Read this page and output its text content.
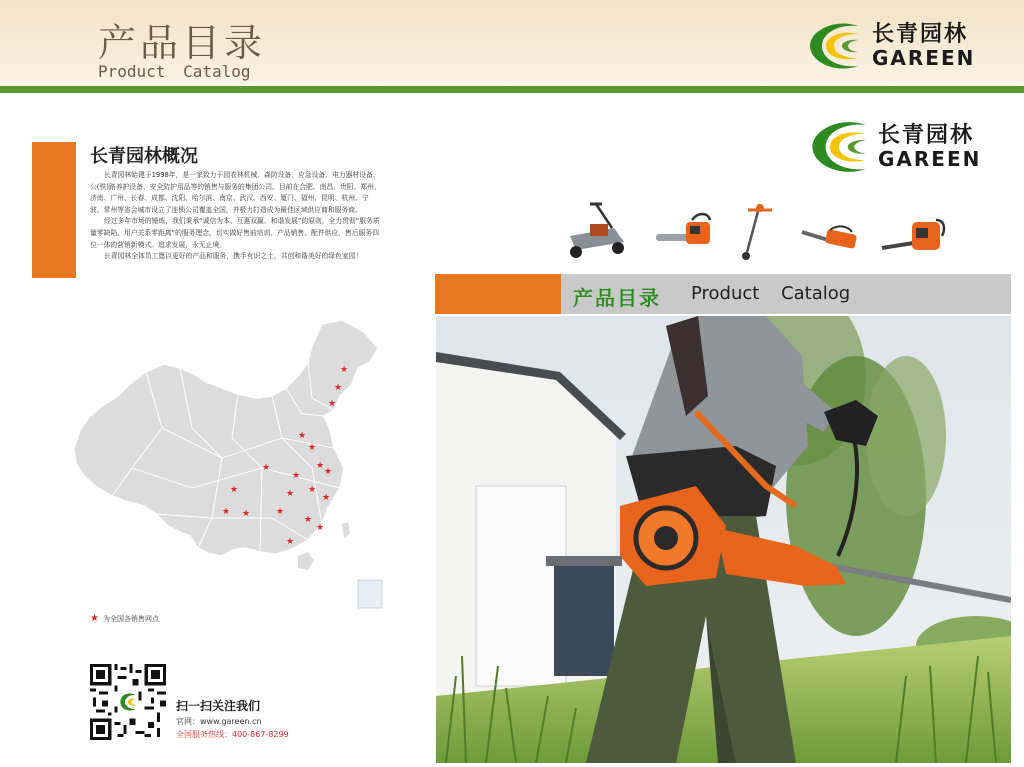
产品目录
Product Catalog
长青园林
GAREEN
长青园林概况

长青园林始建于1998年，是一家致力于园农林机械、森防设备、应急设备、电力器材设备、公(铁)路养护设备、安全防护用品等的销售与服务的集团公司。目前在合肥、南昌、贵阳、郑州、济南、广州、长春、成都、沈阳、哈尔滨、南京、武汉、西安、厦门、福州、昆明、杭州、宁波、常州等省会城市设立了连锁公司覆盖全国，并极力打造成为最佳区域供应商和服务商。

经过多年市场的锤炼，我们秉承“诚信为本、互惠双赢、和谐发展”的原则，全力贯彻“服务质量零缺陷、用户关系零距离”的服务理念，切实做好售前培训、产品销售、配件供应、售后服务四位一体的营销新模式。追求发展，永无止境。

长青园林全体员工愿以更好的产品和服务，携手有识之士，共创和谐美好的绿色家园！

★
★
★
★
★
★
★
★
★
★	★ ★
★
★	★
★
★
★
★
★ 为全国各销售网点
扫一扫关注我们
官网：www.gareen.cn
全国服务热线：400-867-8299
长青园林
GAREEN
产品目录 Product Catalog
